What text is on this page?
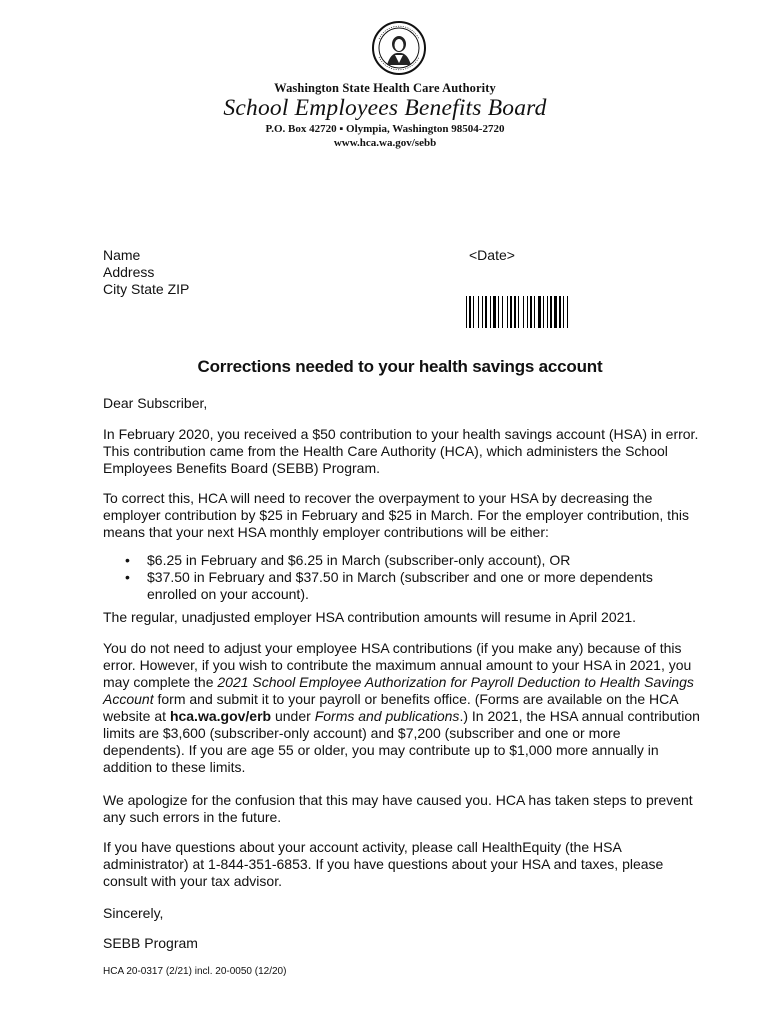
Washington State Health Care Authority
School Employees Benefits Board
P.O. Box 42720 ▪ Olympia, Washington 98504-2720
www.hca.wa.gov/sebb
Name
Address
City State ZIP
<Date>
Corrections needed to your health savings account

Dear Subscriber,

In February 2020, you received a $50 contribution to your health savings account (HSA) in error. This contribution came from the Health Care Authority (HCA), which administers the School Employees Benefits Board (SEBB) Program.

To correct this, HCA will need to recover the overpayment to your HSA by decreasing the employer contribution by $25 in February and $25 in March. For the employer contribution, this means that your next HSA monthly employer contributions will be either:

• $6.25 in February and $6.25 in March (subscriber-only account), OR
• $37.50 in February and $37.50 in March (subscriber and one or more dependents enrolled on your account).

The regular, unadjusted employer HSA contribution amounts will resume in April 2021.

You do not need to adjust your employee HSA contributions (if you make any) because of this error. However, if you wish to contribute the maximum annual amount to your HSA in 2021, you may complete the 2021 School Employee Authorization for Payroll Deduction to Health Savings Account form and submit it to your payroll or benefits office. (Forms are available on the HCA website at hca.wa.gov/erb under Forms and publications.) In 2021, the HSA annual contribution limits are $3,600 (subscriber-only account) and $7,200 (subscriber and one or more dependents). If you are age 55 or older, you may contribute up to $1,000 more annually in addition to these limits.

We apologize for the confusion that this may have caused you. HCA has taken steps to prevent any such errors in the future.

If you have questions about your account activity, please call HealthEquity (the HSA administrator) at 1-844-351-6853. If you have questions about your HSA and taxes, please consult with your tax advisor.

Sincerely,

SEBB Program

HCA 20-0317 (2/21) incl. 20-0050 (12/20)
